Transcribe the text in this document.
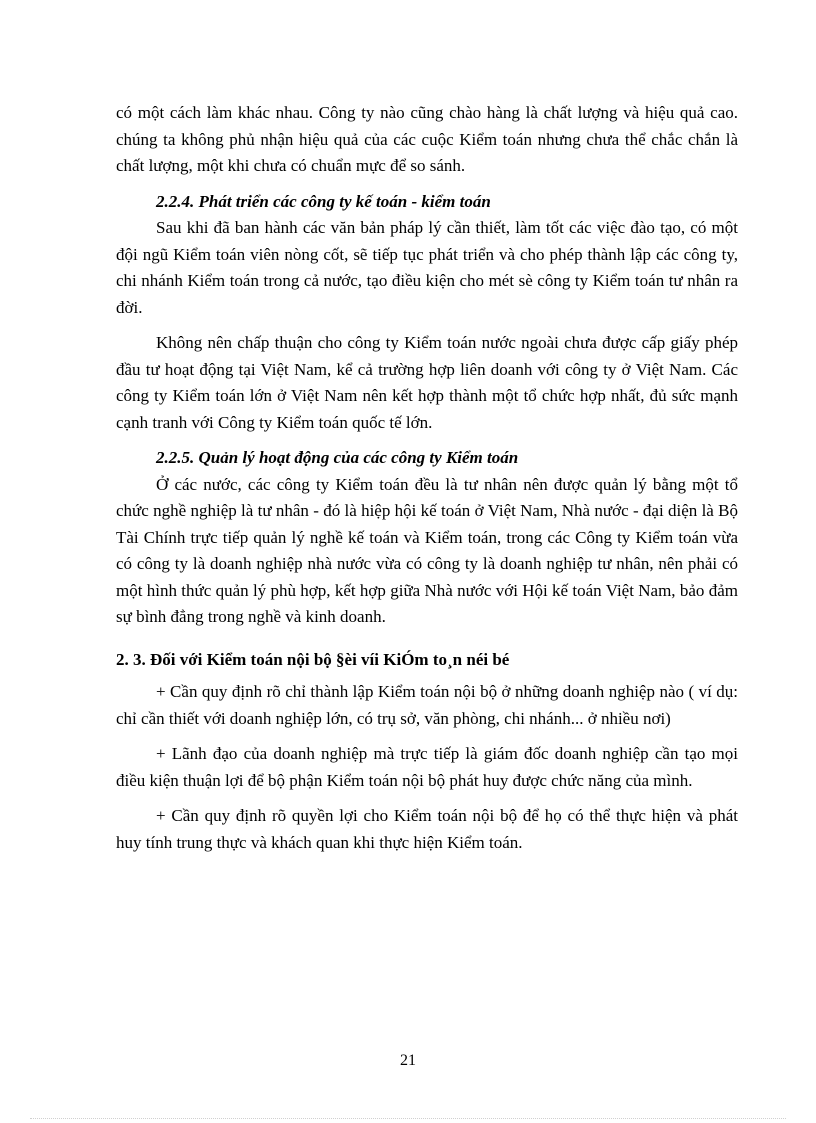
có một cách làm khác nhau. Công ty nào cũng chào hàng là chất lượng và hiệu quả cao. chúng ta không phủ nhận hiệu quả của các cuộc Kiểm toán nhưng chưa thể chắc chắn là chất lượng, một khi chưa có chuẩn mực để so sánh.

2.2.4. Phát triển các công ty kế toán - kiểm toán

Sau khi đã ban hành các văn bản pháp lý cần thiết, làm tốt các việc đào tạo, có một đội ngũ Kiểm toán viên nòng cốt, sẽ tiếp tục phát triển và cho phép thành lập các công ty, chi nhánh Kiểm toán trong cả nước, tạo điều kiện cho mét sè công ty Kiểm toán tư nhân ra đời.

Không nên chấp thuận cho công ty Kiểm toán nước ngoài chưa được cấp giấy phép đầu tư hoạt động tại Việt Nam, kể cả trường hợp liên doanh với công ty ở Việt Nam. Các công ty Kiểm toán lớn ở Việt Nam nên kết hợp thành một tổ chức hợp nhất, đủ sức mạnh cạnh tranh với Công ty Kiểm toán quốc tế lớn.

2.2.5. Quản lý hoạt động của các công ty Kiểm toán

Ở các nước, các công ty Kiểm toán đều là tư nhân nên được quản lý bằng một tổ chức nghề nghiệp là tư nhân - đó là hiệp hội kế toán ở Việt Nam, Nhà nước - đại diện là Bộ Tài Chính trực tiếp quản lý nghề kế toán và Kiểm toán, trong các Công ty Kiểm toán vừa có công ty là doanh nghiệp nhà nước vừa có công ty là doanh nghiệp tư nhân, nên phải có một hình thức quản lý phù hợp, kết hợp giữa Nhà nước với Hội kế toán Việt Nam, bảo đảm sự bình đẳng trong nghề và kinh doanh.

2. 3. Đối với Kiểm toán nội bộ §èi víi KiÓm to¸n néi bé

+ Cần quy định rõ chỉ thành lập Kiểm toán nội bộ ở những doanh nghiệp nào ( ví dụ: chỉ cần thiết với doanh nghiệp lớn, có trụ sở, văn phòng, chi nhánh... ở nhiều nơi)

+ Lãnh đạo của doanh nghiệp mà trực tiếp là giám đốc doanh nghiệp cần tạo mọi điều kiện thuận lợi để bộ phận Kiểm toán nội bộ phát huy được chức năng của mình.

+ Cần quy định rõ quyền lợi cho Kiểm toán nội bộ để họ có thể thực hiện và phát huy tính trung thực và khách quan khi thực hiện Kiểm toán.

21
